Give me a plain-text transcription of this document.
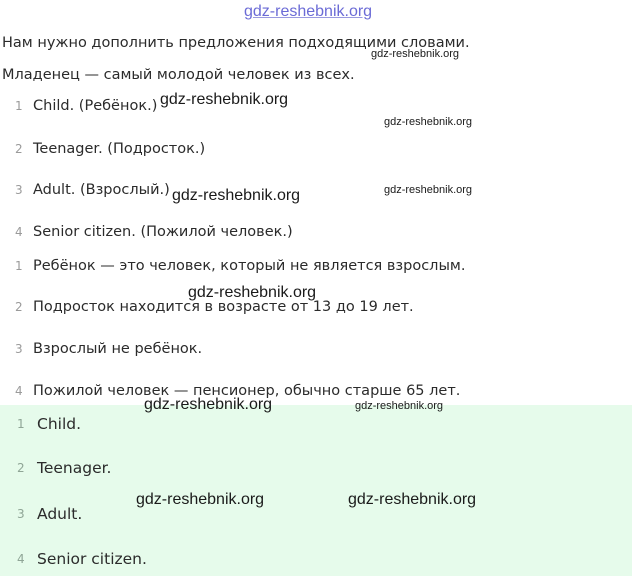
Нам нужно дополнить предложения подходящими словами.
Младенец — самый молодой человек из всех.
1 Child. (Ребёнок.)
2 Teenager. (Подросток.)
3 Adult. (Взрослый.)
4 Senior citizen. (Пожилой человек.)
1 Ребёнок — это человек, который не является взрослым.
2 Подросток находится в возрасте от 13 до 19 лет.
3 Взрослый не ребёнок.
4 Пожилой человек — пенсионер, обычно старше 65 лет.
1 Child.
2 Teenager.
3 Adult.
4 Senior citizen.
gdz-reshebnik.org
gdz-reshebnik.org
gdz-reshebnik.org
gdz-reshebnik.org
gdz-reshebnik.org	gdz-reshebnik.org
gdz-reshebnik.org
gdz-reshebnik.org	gdz-reshebnik.org
gdz-reshebnik.org	gdz-reshebnik.org
